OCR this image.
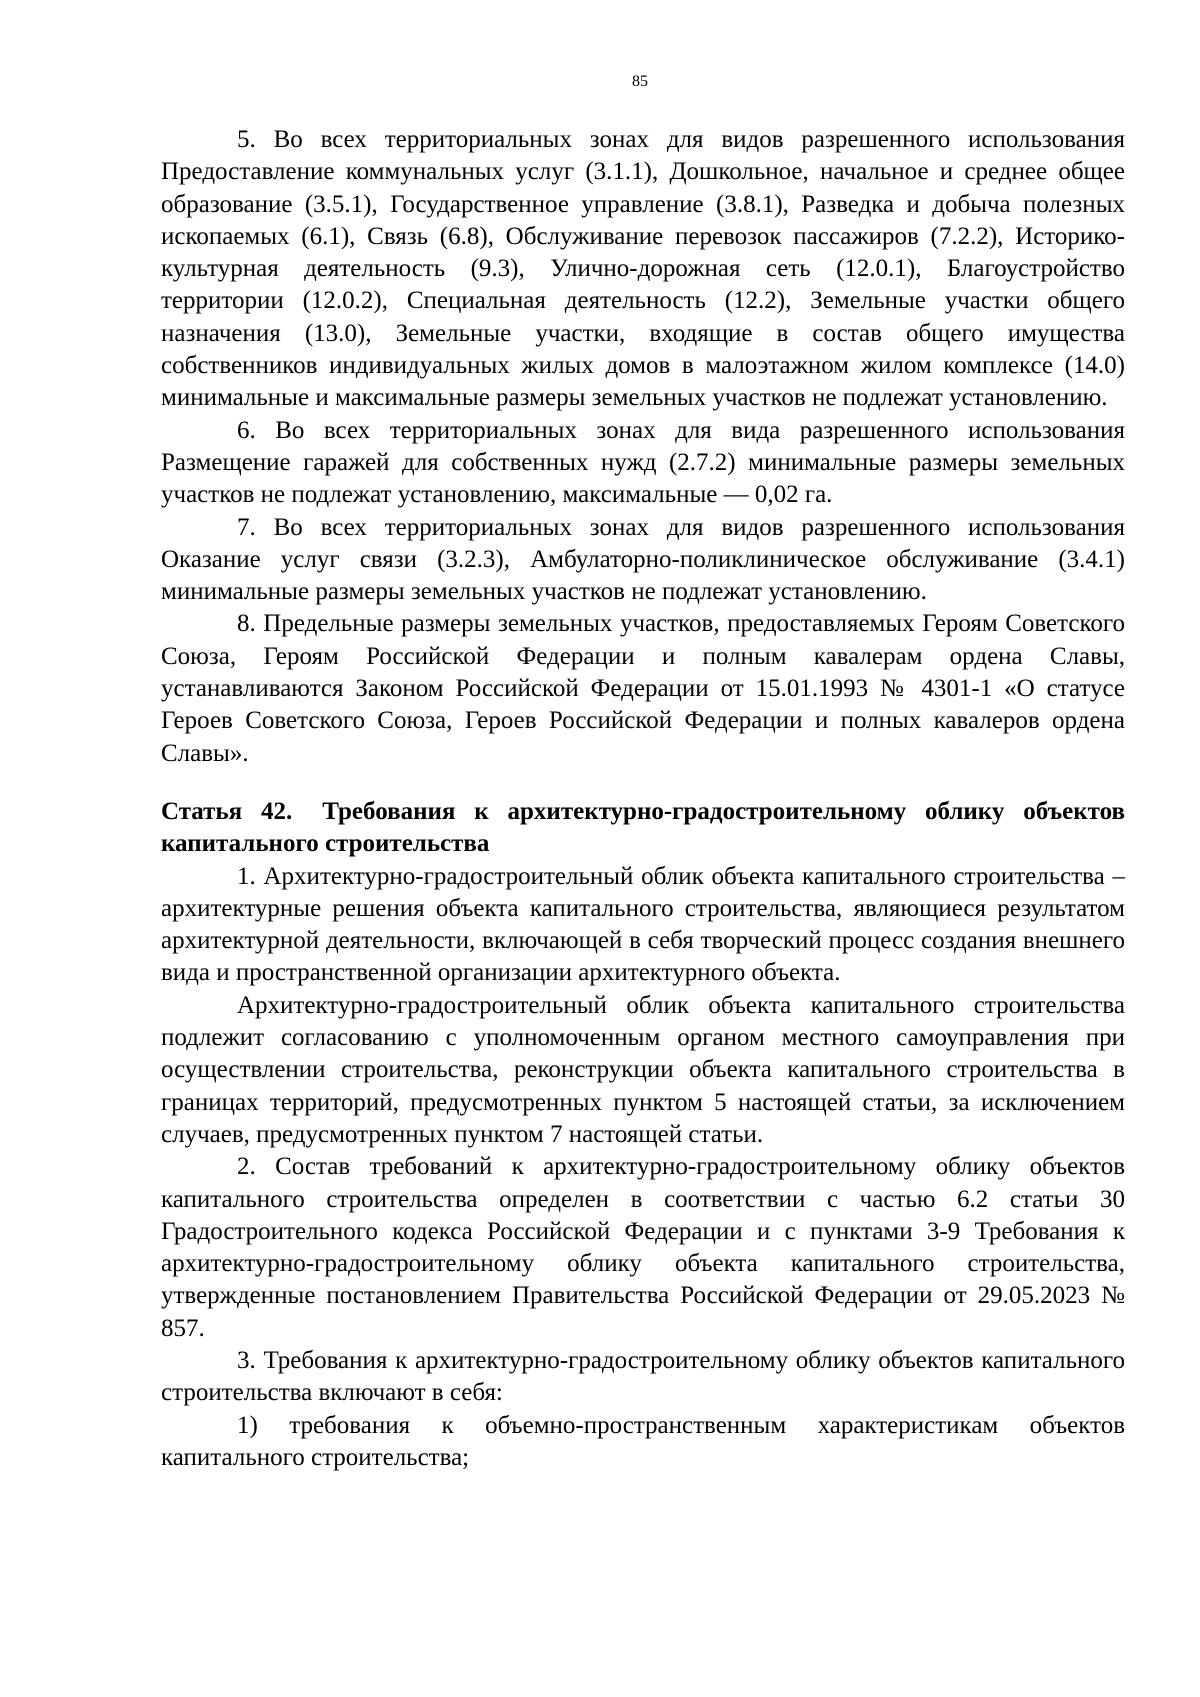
85

5. Во всех территориальных зонах для видов разрешенного использования Предоставление коммунальных услуг (3.1.1), Дошкольное, начальное и среднее общее образование (3.5.1), Государственное управление (3.8.1), Разведка и добыча полезных ископаемых (6.1), Связь (6.8), Обслуживание перевозок пассажиров (7.2.2), Историко-культурная деятельность (9.3), Улично-дорожная сеть (12.0.1), Благоустройство территории (12.0.2), Специальная деятельность (12.2), Земельные участки общего назначения (13.0), Земельные участки, входящие в состав общего имущества собственников индивидуальных жилых домов в малоэтажном жилом комплексе (14.0) минимальные и максимальные размеры земельных участков не подлежат установлению.

6. Во всех территориальных зонах для вида разрешенного использования Размещение гаражей для собственных нужд (2.7.2) минимальные размеры земельных участков не подлежат установлению, максимальные — 0,02 га.

7. Во всех территориальных зонах для видов разрешенного использования Оказание услуг связи (3.2.3), Амбулаторно-поликлиническое обслуживание (3.4.1) минимальные размеры земельных участков не подлежат установлению.

8. Предельные размеры земельных участков, предоставляемых Героям Советского Союза, Героям Российской Федерации и полным кавалерам ордена Славы, устанавливаются Законом Российской Федерации от 15.01.1993 № 4301-1 «О статусе Героев Советского Союза, Героев Российской Федерации и полных кавалеров ордена Славы».

Статья 42. Требования к архитектурно-градостроительному облику объектов капитального строительства

1. Архитектурно-градостроительный облик объекта капитального строительства – архитектурные решения объекта капитального строительства, являющиеся результатом архитектурной деятельности, включающей в себя творческий процесс создания внешнего вида и пространственной организации архитектурного объекта.

Архитектурно-градостроительный облик объекта капитального строительства подлежит согласованию с уполномоченным органом местного самоуправления при осуществлении строительства, реконструкции объекта капитального строительства в границах территорий, предусмотренных пунктом 5 настоящей статьи, за исключением случаев, предусмотренных пунктом 7 настоящей статьи.

2. Состав требований к архитектурно-градостроительному облику объектов капитального строительства определен в соответствии с частью 6.2 статьи 30 Градостроительного кодекса Российской Федерации и с пунктами 3-9 Требования к архитектурно-градостроительному облику объекта капитального строительства, утвержденные постановлением Правительства Российской Федерации от 29.05.2023 № 857.

3. Требования к архитектурно-градостроительному облику объектов капитального строительства включают в себя:

1) требования к объемно-пространственным характеристикам объектов капитального строительства;
